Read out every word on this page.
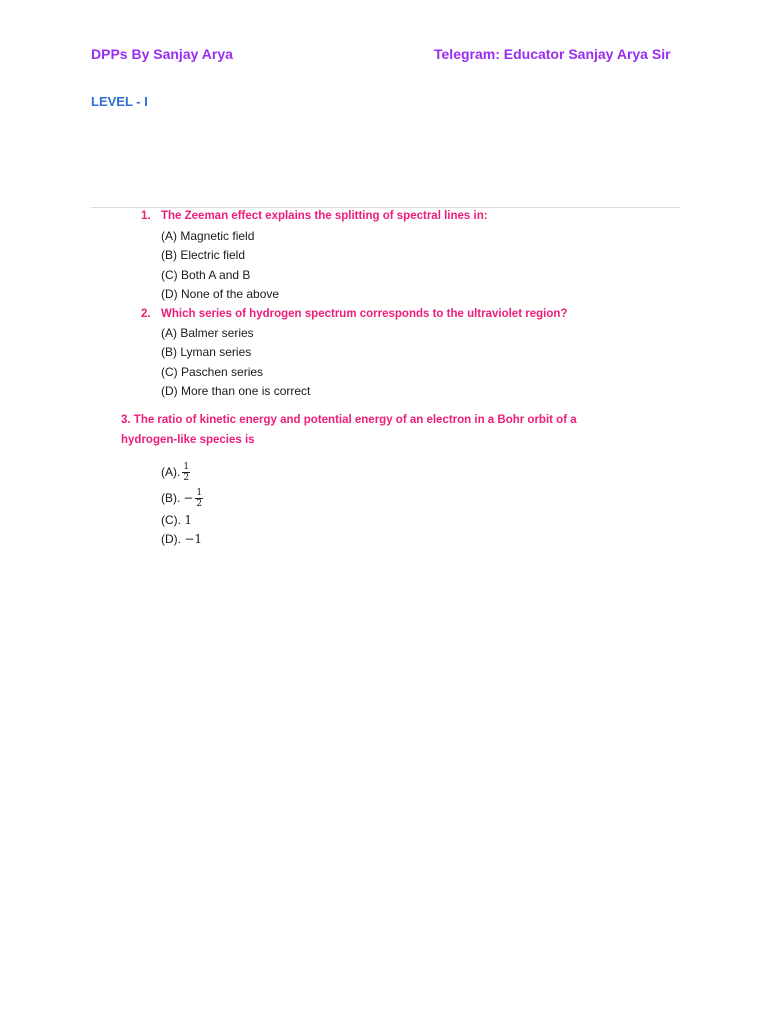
DPPs By Sanjay Arya	Telegram: Educator Sanjay Arya Sir
LEVEL - I

1. The Zeeman effect explains the splitting of spectral lines in:

(A) Magnetic field

(B) Electric field

(C) Both A and B

(D) None of the above

2. Which series of hydrogen spectrum corresponds to the ultraviolet region?

(A) Balmer series

(B) Lyman series

(C) Paschen series

(D) More than one is correct

3. The ratio of kinetic energy and potential energy of an electron in a Bohr orbit of a

hydrogen-like species is

(A). $\frac{1}{2}$
(B). − $\frac{1}{2}$
(C). 1
(D). −1
